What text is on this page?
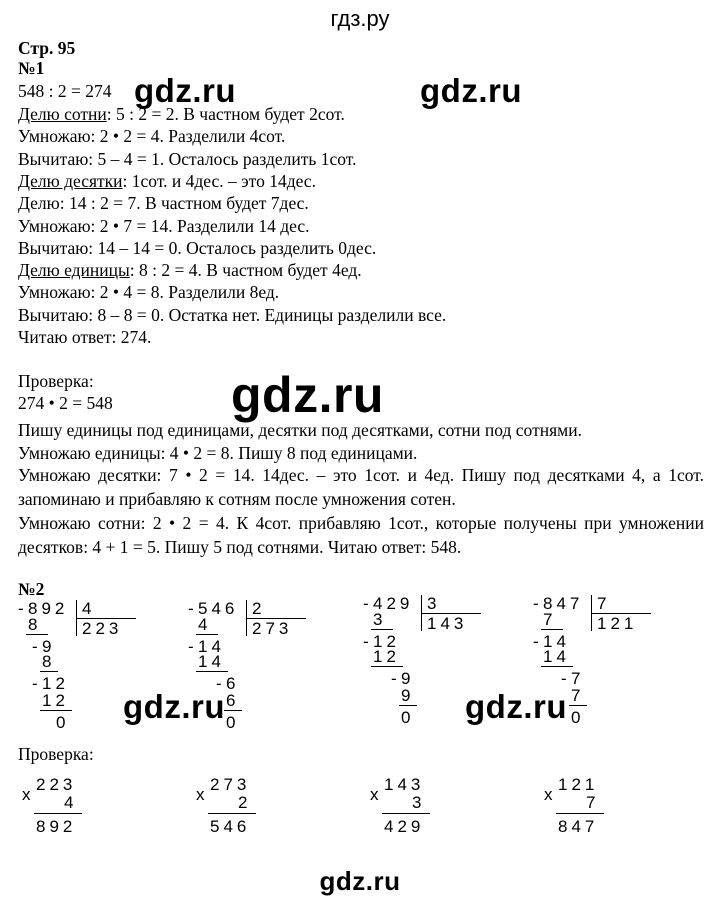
гдз.ру
Стр. 95
№1
548 : 2 = 274
Делю сотни: 5 : 2 = 2. В частном будет 2сот.
Умножаю: 2 • 2 = 4. Разделили 4сот.
Вычитаю: 5 – 4 = 1. Осталось разделить 1сот.
Делю десятки: 1сот. и 4дес. – это 14дес.
Делю: 14 : 2 = 7. В частном будет 7дес.
Умножаю: 2 • 7 = 14. Разделили 14 дес.
Вычитаю: 14 – 14 = 0. Осталось разделить 0дес.
Делю единицы: 8 : 2 = 4. В частном будет 4ед.
Умножаю: 2 • 4 = 8. Разделили 8ед.
Вычитаю: 8 – 8 = 0. Остатка нет. Единицы разделили все.
Читаю ответ: 274.
Проверка:
274 • 2 = 548
Пишу единицы под единицами, десятки под десятками, сотни под сотнями.
Умножаю единицы: 4 • 2 = 8. Пишу 8 под единицами.
Умножаю десятки: 7 • 2 = 14. 14дес. – это 1сот. и 4ед. Пишу под десятками 4, а 1сот. запоминаю и прибавляю к сотням после умножения сотен.
Умножаю сотни: 2 • 2 = 4. К 4сот. прибавляю 1сот., которые получены при умножении десятков: 4 + 1 = 5. Пишу 5 под сотнями. Читаю ответ: 548.
№2
- 892 4
223
8
- 9
8
- 12
12
0
- 546 2
273
4
- 14
14
- 6
6
0
- 429 3
143
3
- 12
12
- 9
9
0
- 847 7
121
7
- 14
14
- 7
7
0
Проверка:
х
223
4
892
х
273
2
546
х
143
3
429
х
121
7
847
gdz.ru	gdz.ru
gdz.ru
gdz.ru	gdz.ru
gdz.ru
